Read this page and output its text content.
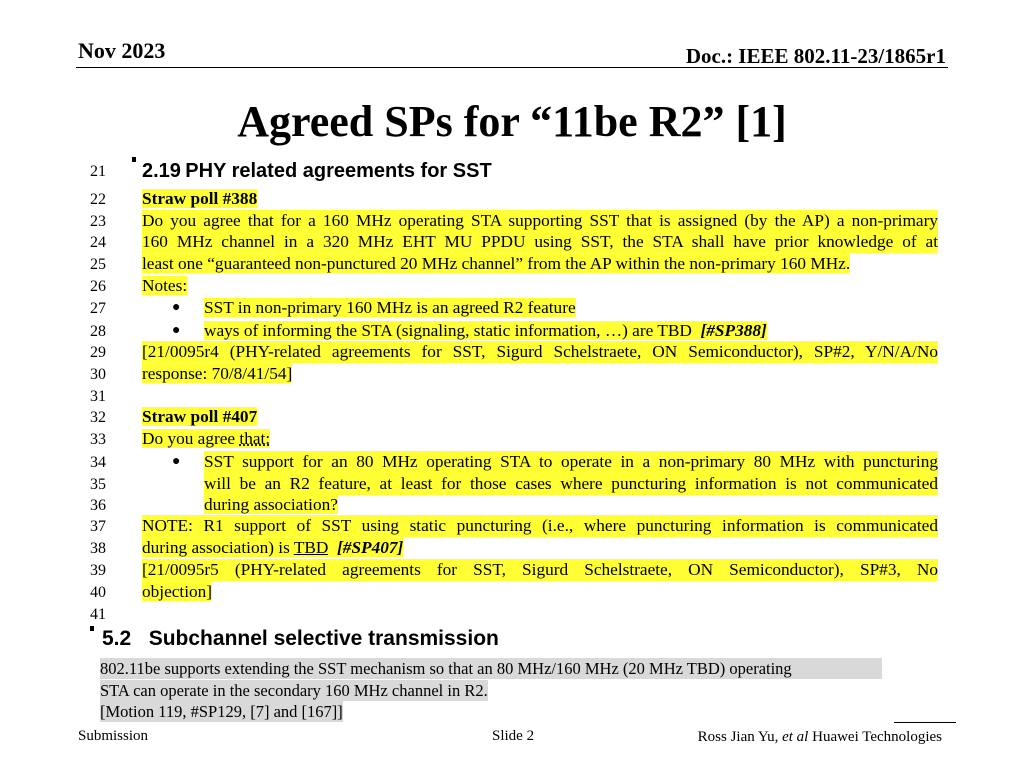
Nov 2023	Doc.: IEEE 802.11-23/1865r1
Agreed SPs for “11be R2” [1]
21
22
23
24
25
26
27
28
29
30
31
32
33
34
35
36
37
38
39
40
41
2.19 PHY related agreements for SST
Straw poll #388
Do you agree that for a 160 MHz operating STA supporting SST that is assigned (by the AP) a non-primary
160 MHz channel in a 320 MHz EHT MU PPDU using SST, the STA shall have prior knowledge of at
least one “guaranteed non-punctured 20 MHz channel” from the AP within the non-primary 160 MHz.
Notes:
● SST in non-primary 160 MHz is an agreed R2 feature
● ways of informing the STA (signaling, static information, …) are TBD [#SP388]
[21/0095r4 (PHY-related agreements for SST, Sigurd Schelstraete, ON Semiconductor), SP#2, Y/N/A/No
response: 70/8/41/54]
Straw poll #407
Do you agree that:
● SST support for an 80 MHz operating STA to operate in a non-primary 80 MHz with puncturing
will be an R2 feature, at least for those cases where puncturing information is not communicated
during association?
NOTE: R1 support of SST using static puncturing (i.e., where puncturing information is communicated
during association) is TBD [#SP407]
[21/0095r5 (PHY-related agreements for SST, Sigurd Schelstraete, ON Semiconductor), SP#3, No
objection]
5.2 Subchannel selective transmission
802.11be supports extending the SST mechanism so that an 80 MHz/160 MHz (20 MHz TBD) operating
STA can operate in the secondary 160 MHz channel in R2.
[Motion 119, #SP129, [7] and [167]]
Submission	Slide 2	Ross Jian Yu, et al Huawei Technologies
